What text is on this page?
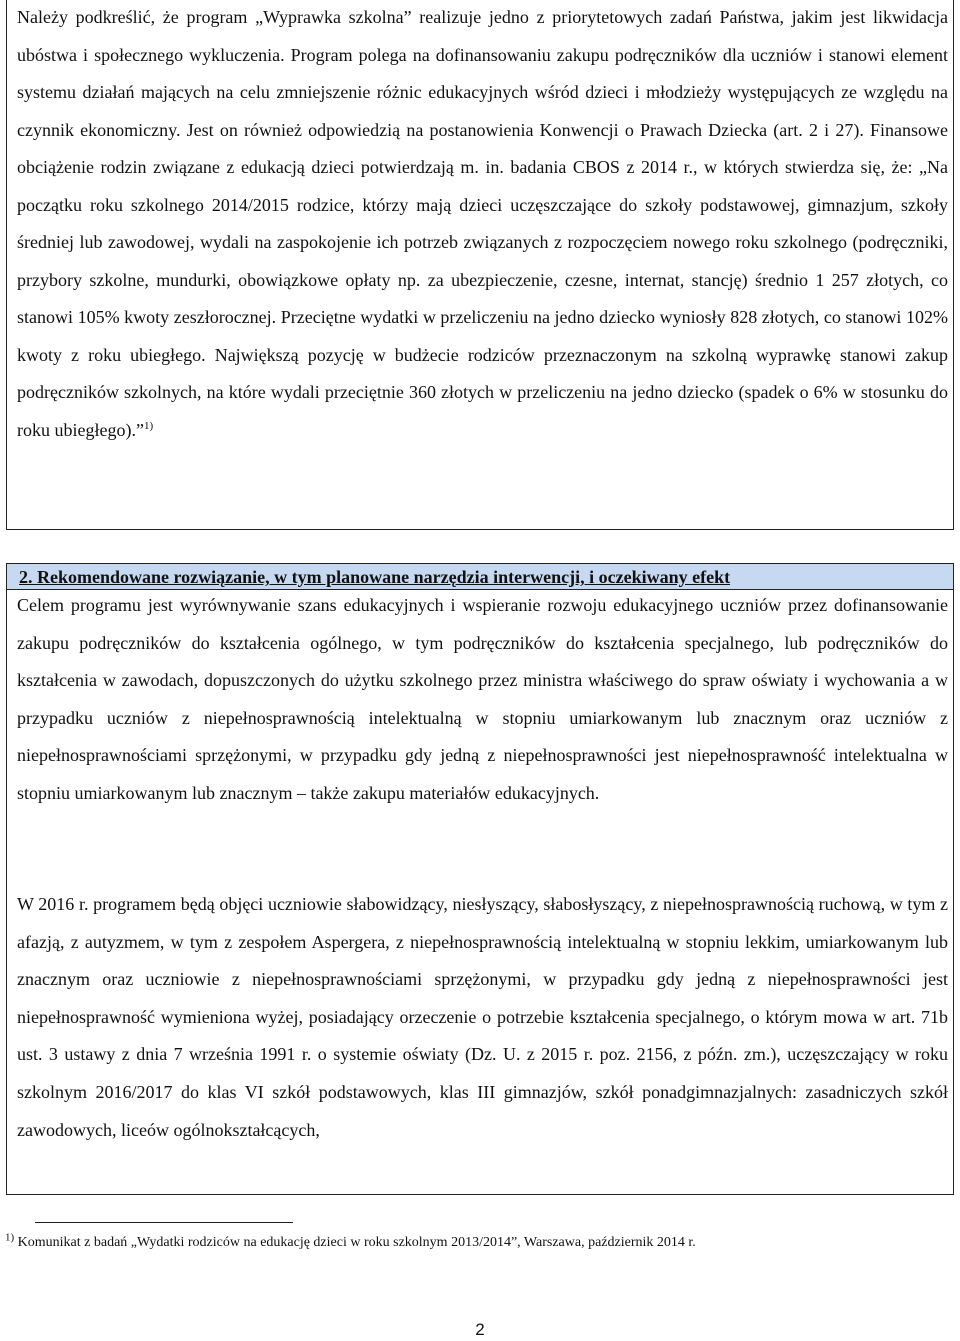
Należy podkreślić, że program „Wyprawka szkolna” realizuje jedno z priorytetowych zadań Państwa, jakim jest likwidacja ubóstwa i społecznego wykluczenia. Program polega na dofinansowaniu zakupu podręczników dla uczniów i stanowi element systemu działań mających na celu zmniejszenie różnic edukacyjnych wśród dzieci i młodzieży występujących ze względu na czynnik ekonomiczny. Jest on również odpowiedzią na postanowienia Konwencji o Prawach Dziecka (art. 2 i 27). Finansowe obciążenie rodzin związane z edukacją dzieci potwierdzają m. in. badania CBOS z 2014 r., w których stwierdza się, że: „Na początku roku szkolnego 2014/2015 rodzice, którzy mają dzieci uczęszczające do szkoły podstawowej, gimnazjum, szkoły średniej lub zawodowej, wydali na zaspokojenie ich potrzeb związanych z rozpoczęciem nowego roku szkolnego (podręczniki, przybory szkolne, mundurki, obowiązkowe opłaty np. za ubezpieczenie, czesne, internat, stancję) średnio 1 257 złotych, co stanowi 105% kwoty zeszłorocznej. Przeciętne wydatki w przeliczeniu na jedno dziecko wyniosły 828 złotych, co stanowi 102% kwoty z roku ubiegłego. Największą pozycję w budżecie rodziców przeznaczonym na szkolną wyprawkę stanowi zakup podręczników szkolnych, na które wydali przeciętnie 360 złotych w przeliczeniu na jedno dziecko (spadek o 6% w stosunku do roku ubiegłego).”$^{1)}$

2. Rekomendowane rozwiązanie, w tym planowane narzędzia interwencji, i oczekiwany efekt

Celem programu jest wyrównywanie szans edukacyjnych i wspieranie rozwoju edukacyjnego uczniów przez dofinansowanie zakupu podręczników do kształcenia ogólnego, w tym podręczników do kształcenia specjalnego, lub podręczników do kształcenia w zawodach, dopuszczonych do użytku szkolnego przez ministra właściwego do spraw oświaty i wychowania a w przypadku uczniów z niepełnosprawnością intelektualną w stopniu umiarkowanym lub znacznym oraz uczniów z niepełnosprawnościami sprzężonymi, w przypadku gdy jedną z niepełnosprawności jest niepełnosprawność intelektualna w stopniu umiarkowanym lub znacznym – także zakupu materiałów edukacyjnych.

W 2016 r. programem będą objęci uczniowie słabowidzący, niesłyszący, słabosłyszący, z niepełnosprawnością ruchową, w tym z afazją, z autyzmem, w tym z zespołem Aspergera, z niepełnosprawnością intelektualną w stopniu lekkim, umiarkowanym lub znacznym oraz uczniowie z niepełnosprawnościami sprzężonymi, w przypadku gdy jedną z niepełnosprawności jest niepełnosprawność wymieniona wyżej, posiadający orzeczenie o potrzebie kształcenia specjalnego, o którym mowa w art. 71b ust. 3 ustawy z dnia 7 września 1991 r. o systemie oświaty (Dz. U. z 2015 r. poz. 2156, z późn. zm.), uczęszczający w roku szkolnym 2016/2017 do klas VI szkół podstawowych, klas III gimnazjów, szkół ponadgimnazjalnych: zasadniczych szkół zawodowych, liceów ogólnokształcących,

$^{1)}$ Komunikat z badań „Wydatki rodziców na edukację dzieci w roku szkolnym 2013/2014”, Warszawa, październik 2014 r.
2
